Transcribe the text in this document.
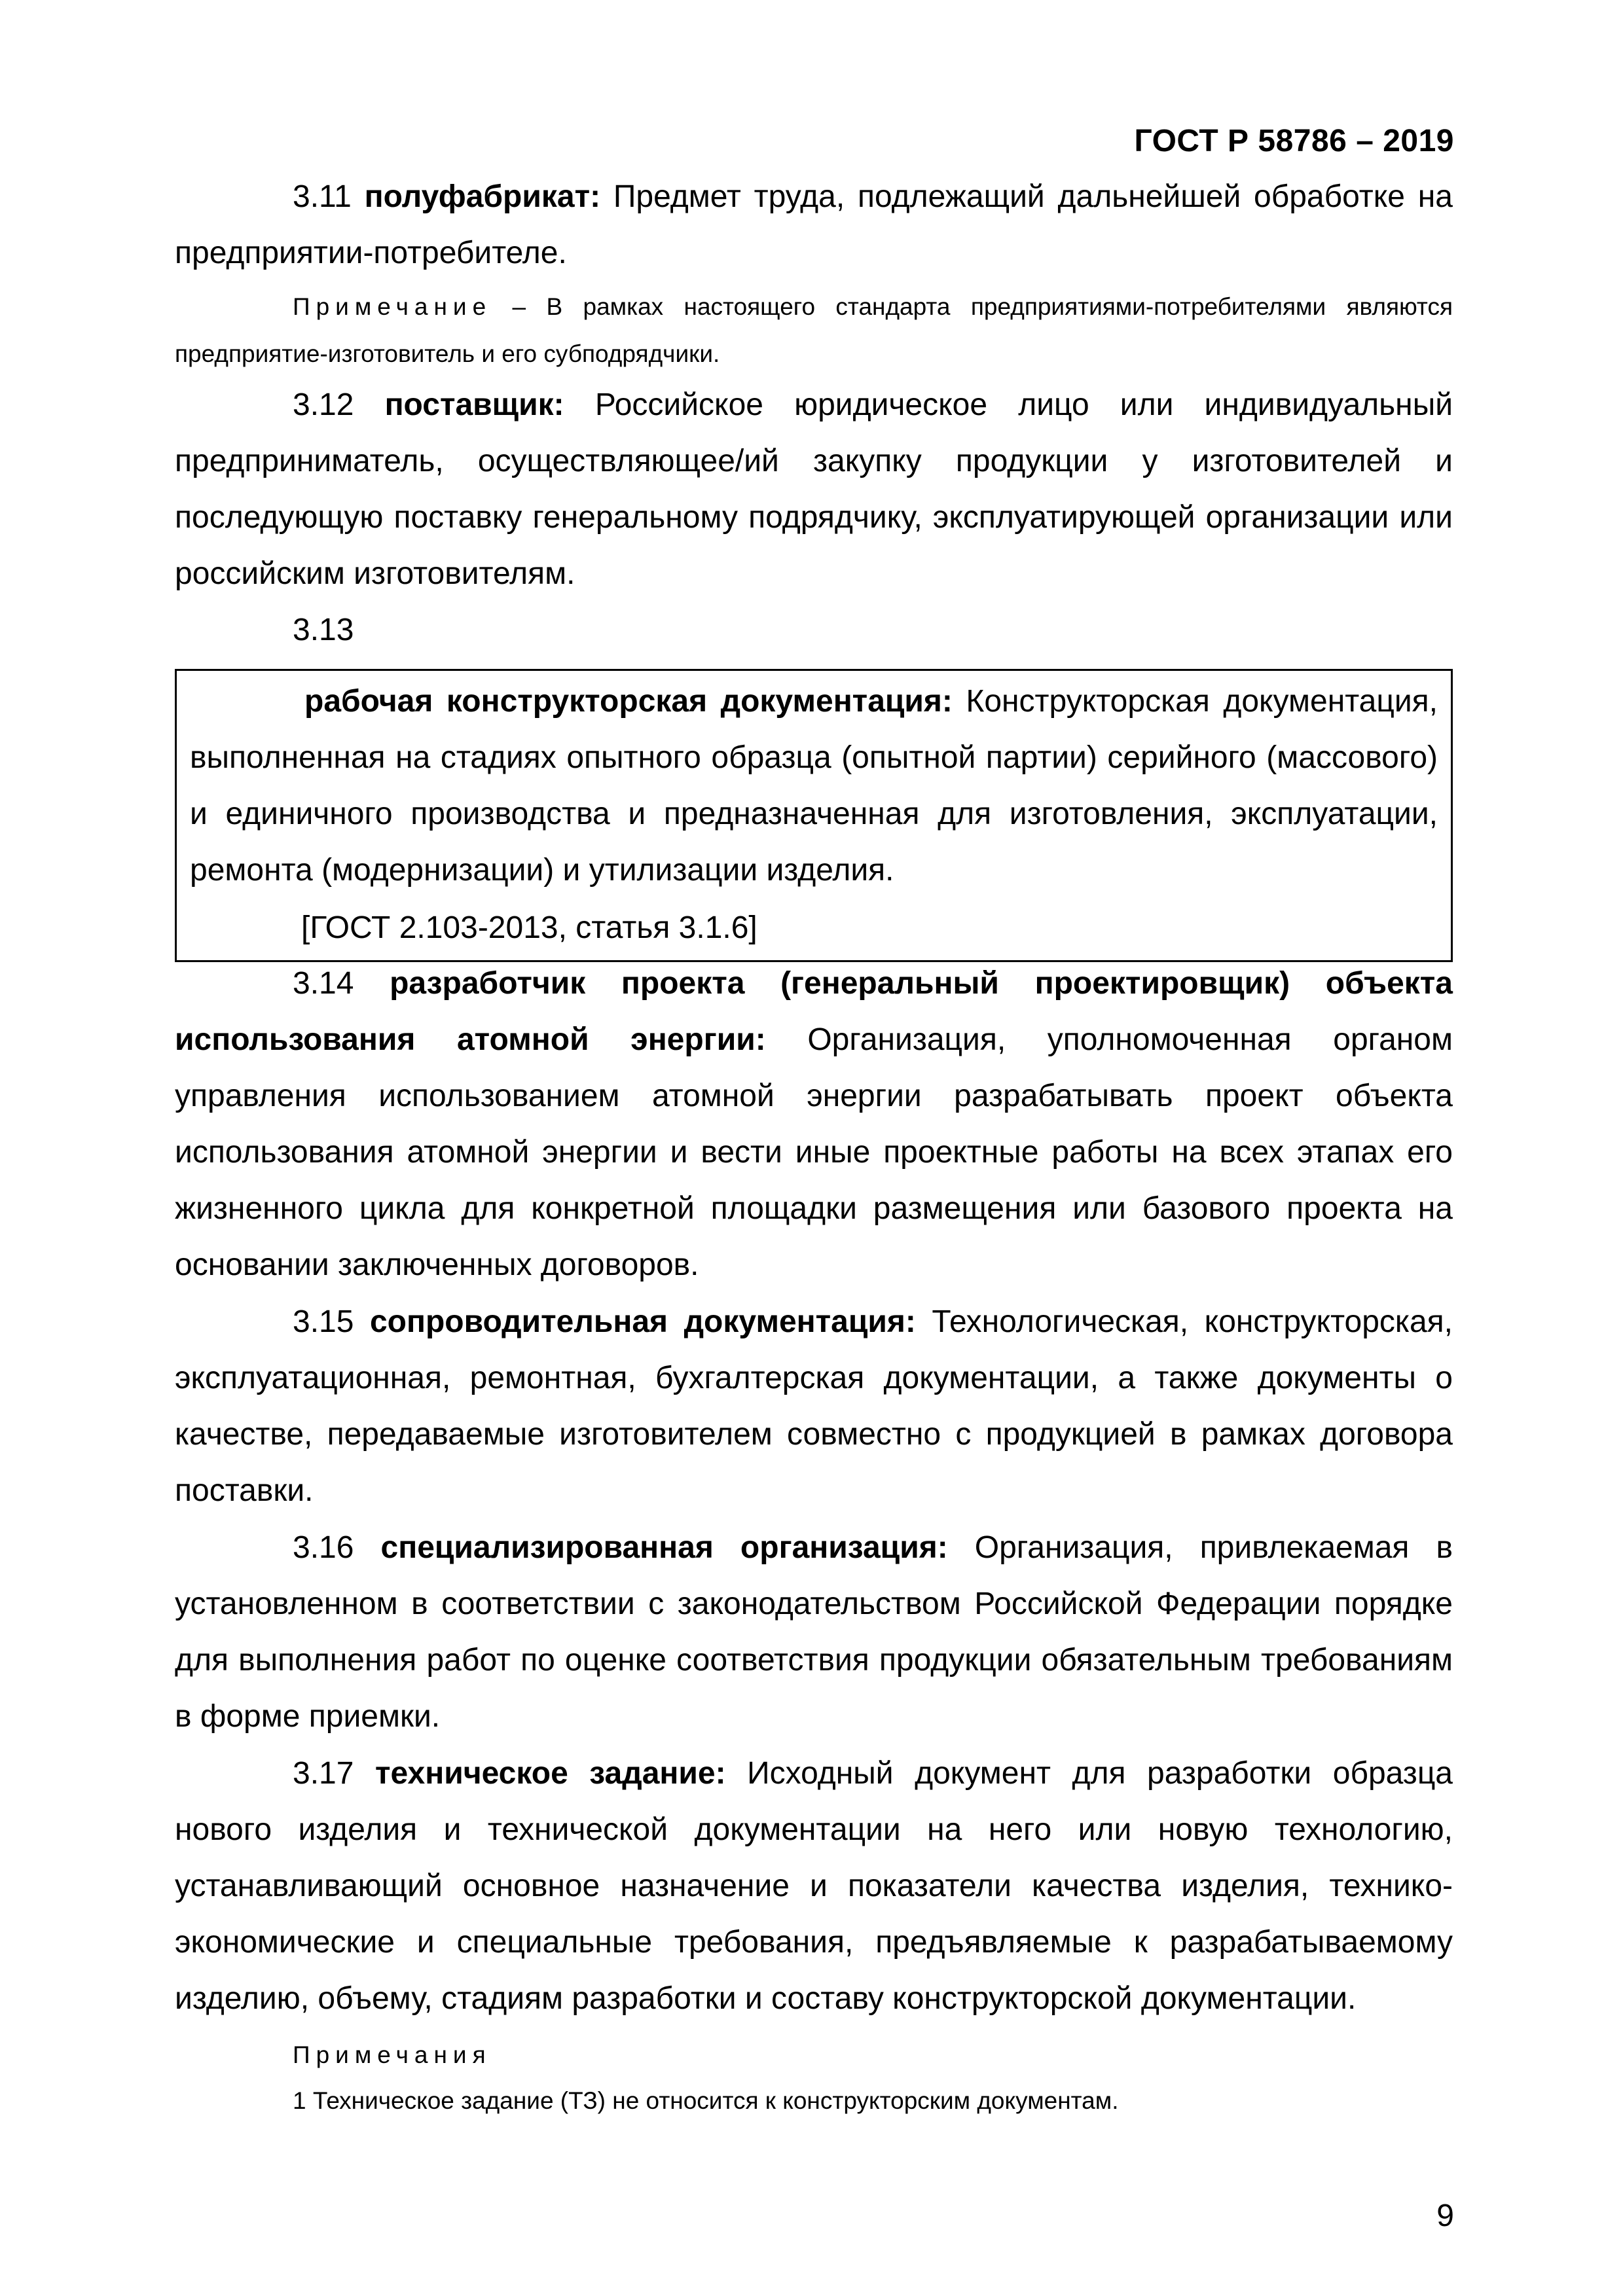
ГОСТ Р 58786 – 2019
3.11 полуфабрикат: Предмет труда, подлежащий дальнейшей обработке на предприятии-потребителе.
Примечание – В рамках настоящего стандарта предприятиями-потребителями являются предприятие-изготовитель и его субподрядчики.
3.12 поставщик: Российское юридическое лицо или индивидуальный предприниматель, осуществляющее/ий закупку продукции у изготовителей и последующую поставку генеральному подрядчику, эксплуатирующей организации или российским изготовителям.
3.13
рабочая конструкторская документация: Конструкторская документация, выполненная на стадиях опытного образца (опытной партии) серийного (массового) и единичного производства и предназначенная для изготовления, эксплуатации, ремонта (модернизации) и утилизации изделия.
[ГОСТ 2.103-2013, статья 3.1.6]
3.14 разработчик проекта (генеральный проектировщик) объекта использования атомной энергии: Организация, уполномоченная органом управления использованием атомной энергии разрабатывать проект объекта использования атомной энергии и вести иные проектные работы на всех этапах его жизненного цикла для конкретной площадки размещения или базового проекта на основании заключенных договоров.
3.15 сопроводительная документация: Технологическая, конструкторская, эксплуатационная, ремонтная, бухгалтерская документации, а также документы о качестве, передаваемые изготовителем совместно с продукцией в рамках договора поставки.
3.16 специализированная организация: Организация, привлекаемая в установленном в соответствии с законодательством Российской Федерации порядке для выполнения работ по оценке соответствия продукции обязательным требованиям в форме приемки.
3.17 техническое задание: Исходный документ для разработки образца нового изделия и технической документации на него или новую технологию, устанавливающий основное назначение и показатели качества изделия, технико-экономические и специальные требования, предъявляемые к разрабатываемому изделию, объему, стадиям разработки и составу конструкторской документации.
Примечания
1 Техническое задание (ТЗ) не относится к конструкторским документам.
9
